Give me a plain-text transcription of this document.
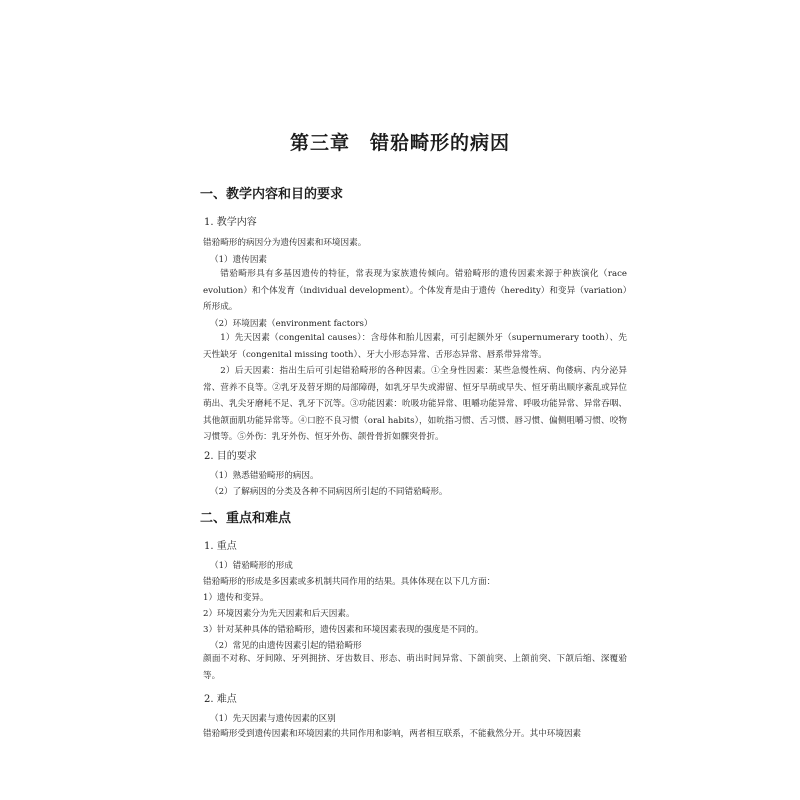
第三章　错𬌗畸形的病因
一、教学内容和目的要求
1. 教学内容
错𬌗畸形的病因分为遗传因素和环境因素。
（1）遗传因素
错𬌗畸形具有多基因遗传的特征，常表现为家族遗传倾向。错𬌗畸形的遗传因素来源于种族演化（race evolution）和个体发育（individual development）。个体发育是由于遗传（heredity）和变异（variation）所形成。
（2）环境因素（environment factors）
1）先天因素（congenital causes）：含母体和胎儿因素，可引起额外牙（supernumerary tooth）、先天性缺牙（congenital missing tooth）、牙大小形态异常、舌形态异常、唇系带异常等。
2）后天因素：指出生后可引起错𬌗畸形的各种因素。①全身性因素：某些急慢性病、佝偻病、内分泌异常、营养不良等。②乳牙及替牙期的局部障碍，如乳牙早失或滞留、恒牙早萌或早失、恒牙萌出顺序紊乱或异位萌出、乳尖牙磨耗不足、乳牙下沉等。③功能因素：吮吸功能异常、咀嚼功能异常、呼吸功能异常、异常吞咽、其他颌面肌功能异常等。④口腔不良习惯（oral habits），如吮指习惯、舌习惯、唇习惯、偏侧咀嚼习惯、咬物习惯等。⑤外伤：乳牙外伤、恒牙外伤、颌骨骨折如髁突骨折。
2. 目的要求
（1）熟悉错𬌗畸形的病因。
（2）了解病因的分类及各种不同病因所引起的不同错𬌗畸形。
二、重点和难点
1. 重点
（1）错𬌗畸形的形成
错𬌗畸形的形成是多因素或多机制共同作用的结果。具体体现在以下几方面：
1）遗传和变异。
2）环境因素分为先天因素和后天因素。
3）针对某种具体的错𬌗畸形，遗传因素和环境因素表现的强度是不同的。
（2）常见的由遗传因素引起的错𬌗畸形
颜面不对称、牙间隙、牙列拥挤、牙齿数目、形态、萌出时间异常、下颌前突、上颌前突、下颌后缩、深覆𬌗等。
2. 难点
（1）先天因素与遗传因素的区别
错𬌗畸形受到遗传因素和环境因素的共同作用和影响，两者相互联系，不能截然分开。其中环境因素
